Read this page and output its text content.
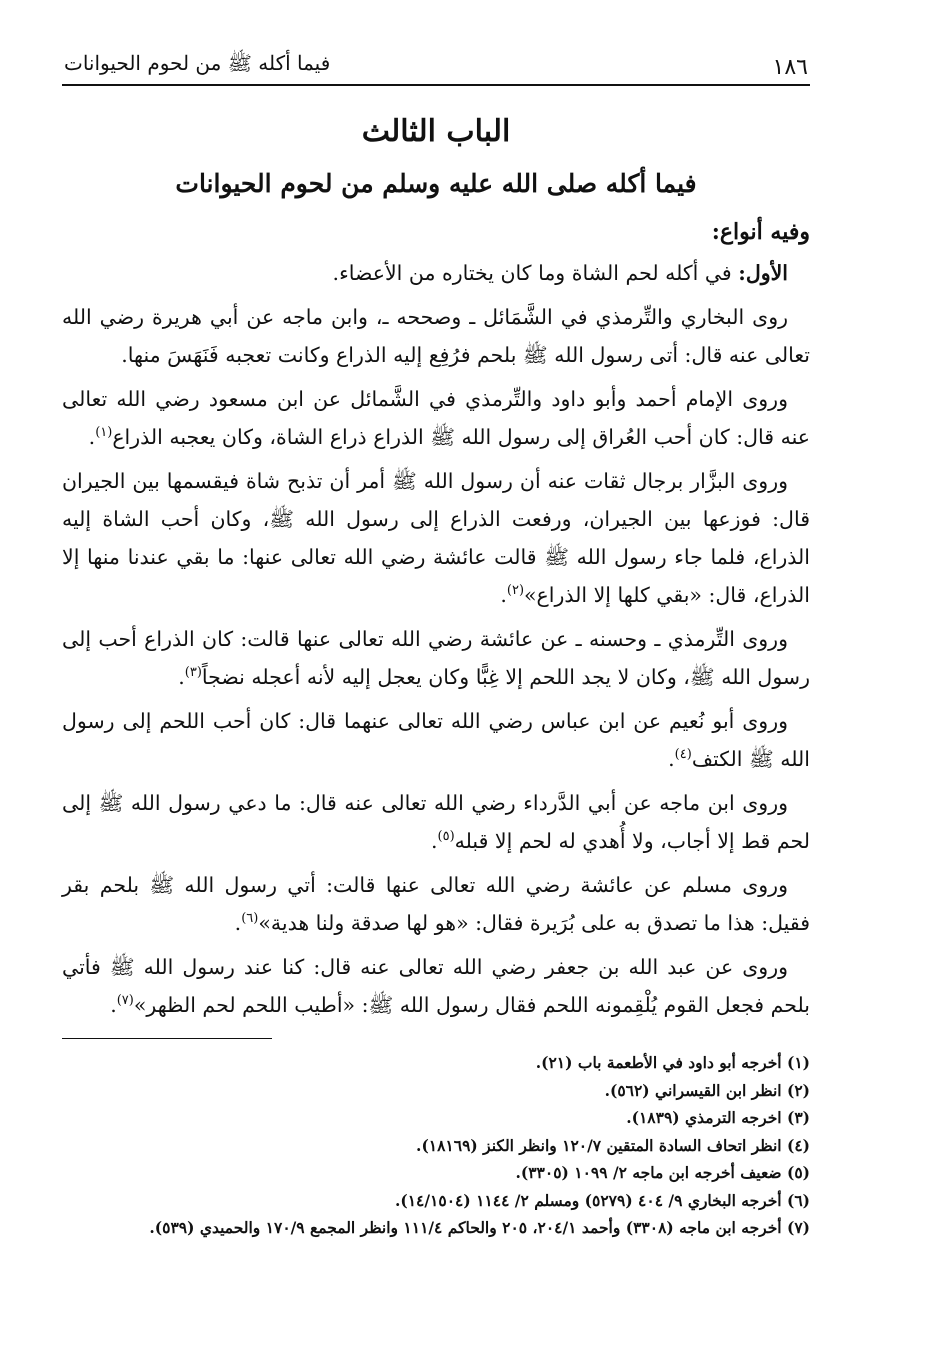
١٨٦
فيما أكله ﷺ من لحوم الحيوانات
الباب الثالث
فيما أكله صلى الله عليه وسلم من لحوم الحيوانات
وفيه أنواع:

الأول: في أكله لحم الشاة وما كان يختاره من الأعضاء.

روى البخاري والتِّرمذي في الشَّمَائل ـ وصححه ـ، وابن ماجه عن أبي هريرة رضي الله تعالى عنه قال: أتى رسول الله ﷺ بلحم فرُفِع إليه الذراع وكانت تعجبه فَنَهَسَ منها.

وروى الإمام أحمد وأبو داود والتِّرمذي في الشَّمائل عن ابن مسعود رضي الله تعالى عنه قال: كان أحب العُراق إلى رسول الله ﷺ الذراع ذراع الشاة، وكان يعجبه الذراع$^{(١)}$.

وروى البزَّار برجال ثقات عنه أن رسول الله ﷺ أمر أن تذبح شاة فيقسمها بين الجيران قال: فوزعها بين الجيران، ورفعت الذراع إلى رسول الله ﷺ، وكان أحب الشاة إليه الذراع، فلما جاء رسول الله ﷺ قالت عائشة رضي الله تعالى عنها: ما بقي عندنا منها إلا الذراع، قال: «بقي كلها إلا الذراع»$^{(٢)}$.

وروى التِّرمذي ـ وحسنه ـ عن عائشة رضي الله تعالى عنها قالت: كان الذراع أحب إلى رسول الله ﷺ، وكان لا يجد اللحم إلا غِبًّا وكان يعجل إليه لأنه أعجله نضجاً$^{(٣)}$.

وروى أبو نُعيم عن ابن عباس رضي الله تعالى عنهما قال: كان أحب اللحم إلى رسول الله ﷺ الكتف$^{(٤)}$.

وروى ابن ماجه عن أبي الدَّرداء رضي الله تعالى عنه قال: ما دعي رسول الله ﷺ إلى لحم قط إلا أجاب، ولا أُهدي له لحم إلا قبله$^{(٥)}$.

وروى مسلم عن عائشة رضي الله تعالى عنها قالت: أتي رسول الله ﷺ بلحم بقر فقيل: هذا ما تصدق به على بُرَيرة فقال: «هو لها صدقة ولنا هدية»$^{(٦)}$.

وروى عن عبد الله بن جعفر رضي الله تعالى عنه قال: كنا عند رسول الله ﷺ فأتي بلحم فجعل القوم يُلْقِمونه اللحم فقال رسول الله ﷺ: «أطيب اللحم لحم الظهر»$^{(٧)}$.

(١) أخرجه أبو داود في الأطعمة باب (٢١).
(٢) انظر ابن القيسراني (٥٦٢).
(٣) اخرجه الترمذي (١٨٣٩).
(٤) انظر اتحاف السادة المتقين ١٢٠/٧ وانظر الكنز (١٨١٦٩).
(٥) ضعيف أخرجه ابن ماجه ٢/ ١٠٩٩ (٣٣٠٥).
(٦) أخرجه البخاري ٩/ ٤٠٤ (٥٢٧٩) ومسلم ٢/ ١١٤٤ (١٤/١٥٠٤).
(٧) أخرجه ابن ماجه (٣٣٠٨) وأحمد ٢٠٤/١، ٢٠٥ والحاكم ١١١/٤ وانظر المجمع ١٧٠/٩ والحميدي (٥٣٩).
